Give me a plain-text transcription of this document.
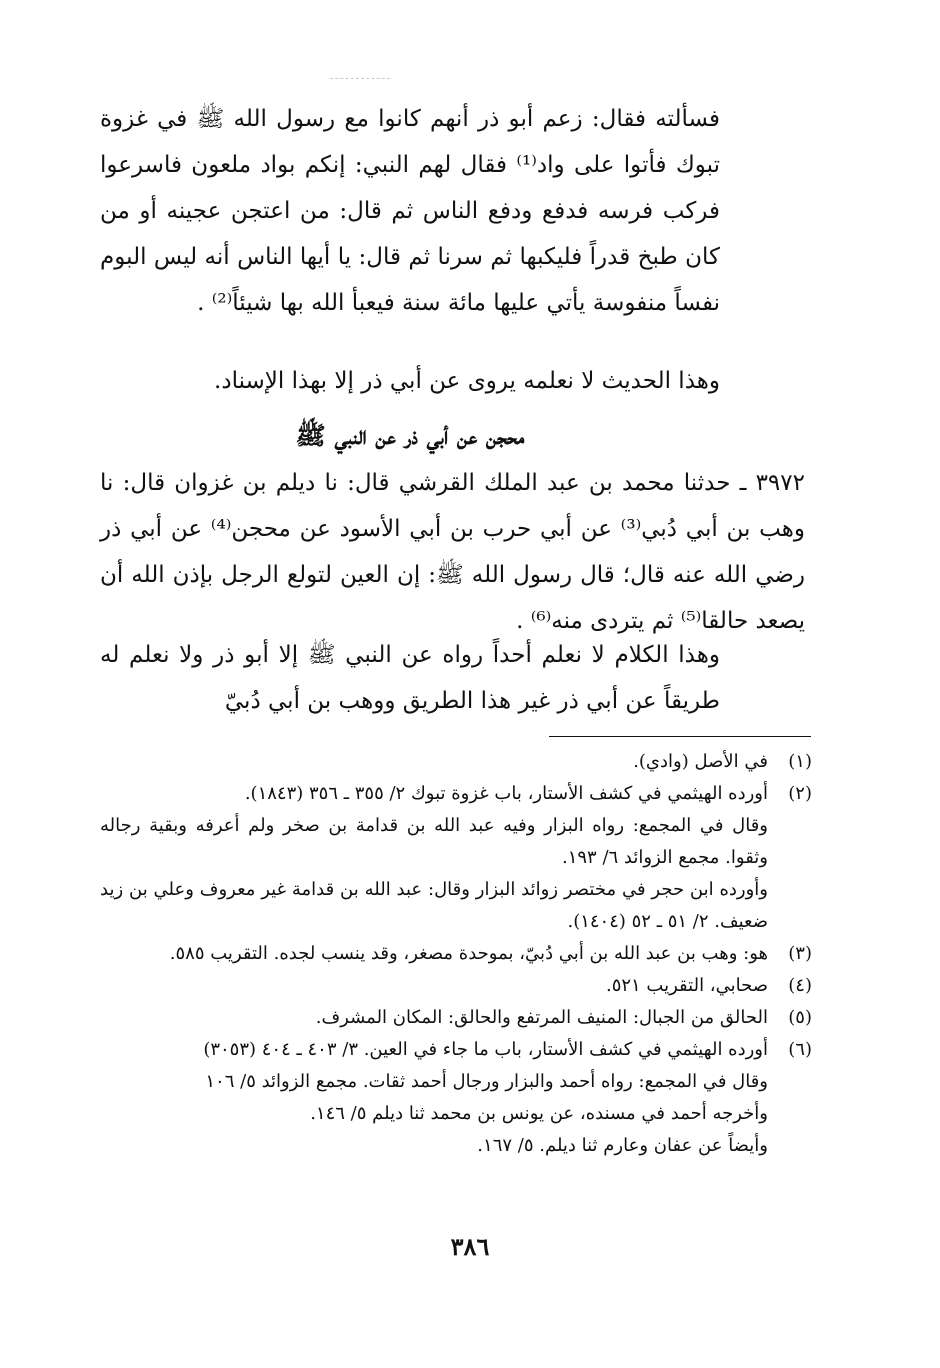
فسألته فقال: زعم أبو ذر أنهم كانوا مع رسول الله ﷺ في غزوة تبوك فأتوا على واد⁽¹⁾ فقال لهم النبي: إنكم بواد ملعون فاسرعوا فركب فرسه فدفع ودفع الناس ثم قال: من اعتجن عجينه أو من كان طبخ قدراً فليكبها ثم سرنا ثم قال: يا أيها الناس أنه ليس البوم نفساً منفوسة يأتي عليها مائة سنة فيعبأ الله بها شيئاً⁽²⁾ .
وهذا الحديث لا نعلمه يروى عن أبي ذر إلا بهذا الإسناد.
محجن عن أبي ذر عن النبي ﷺ
٣٩٧٢ ـ حدثنا محمد بن عبد الملك القرشي قال: نا ديلم بن غزوان قال: نا وهب بن أبي دُبي⁽³⁾ عن أبي حرب بن أبي الأسود عن محجن⁽⁴⁾ عن أبي ذر رضي الله عنه قال؛ قال رسول الله ﷺ: إن العين لتولع الرجل بإذن الله أن يصعد حالقا⁽⁵⁾ ثم يتردى منه⁽⁶⁾ .
وهذا الكلام لا نعلم أحداً رواه عن النبي ﷺ إلا أبو ذر ولا نعلم له طريقاً عن أبي ذر غير هذا الطريق ووهب بن أبي دُبيّ
(١)
في الأصل (وادي).
(٢)
أورده الهيثمي في كشف الأستار، باب غزوة تبوك ٢/ ٣٥٥ ـ ٣٥٦ (١٨٤٣).
وقال في المجمع: رواه البزار وفيه عبد الله بن قدامة بن صخر ولم أعرفه وبقية رجاله وثقوا. مجمع الزوائد ٦/ ١٩٣.
وأورده ابن حجر في مختصر زوائد البزار وقال: عبد الله بن قدامة غير معروف وعلي بن زيد ضعيف. ٢/ ٥١ ـ ٥٢ (١٤٠٤).
(٣)
هو: وهب بن عبد الله بن أبي دُبيّ، بموحدة مصغر، وقد ينسب لجده. التقريب ٥٨٥.
(٤)
صحابي، التقريب ٥٢١.
(٥)
الحالق من الجبال: المنيف المرتفع والحالق: المكان المشرف.
(٦)
أورده الهيثمي في كشف الأستار، باب ما جاء في العين. ٣/ ٤٠٣ ـ ٤٠٤ (٣٠٥٣)
وقال في المجمع: رواه أحمد والبزار ورجال أحمد ثقات. مجمع الزوائد ٥/ ١٠٦
وأخرجه أحمد في مسنده، عن يونس بن محمد ثنا ديلم ٥/ ١٤٦.
وأيضاً عن عفان وعارم ثنا ديلم. ٥/ ١٦٧.
٣٨٦
